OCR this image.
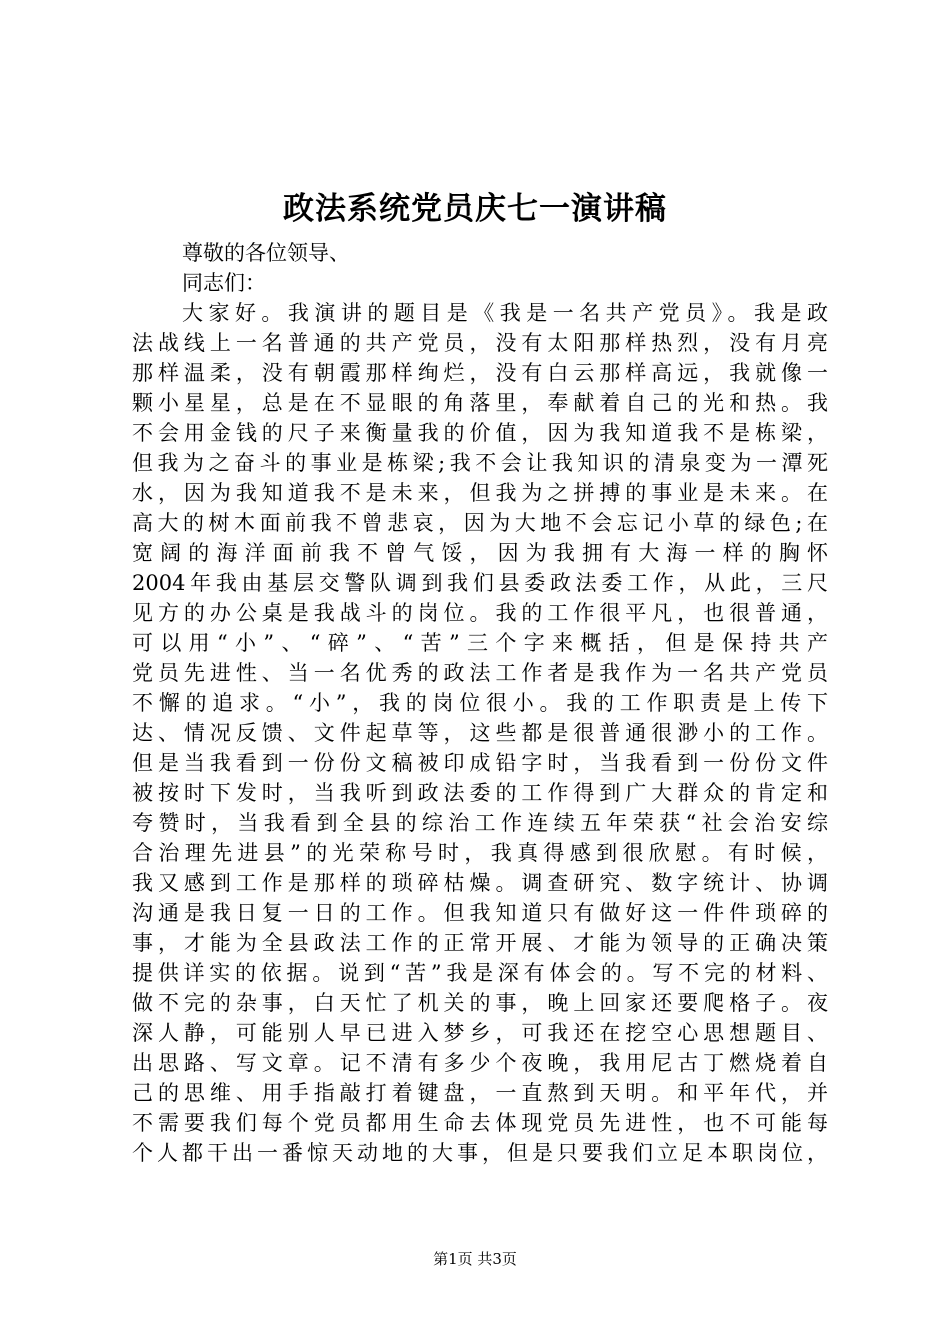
政法系统党员庆七一演讲稿
尊敬的各位领导、
同志们：
大家好。我演讲的题目是《我是一名共产党员》。我是政
法战线上一名普通的共产党员，没有太阳那样热烈，没有月亮
那样温柔，没有朝霞那样绚烂，没有白云那样高远，我就像一
颗小星星，总是在不显眼的角落里，奉献着自己的光和热。我
不会用金钱的尺子来衡量我的价值，因为我知道我不是栋梁，
但我为之奋斗的事业是栋梁;我不会让我知识的清泉变为一潭死
水，因为我知道我不是未来，但我为之拼搏的事业是未来。在
高大的树木面前我不曾悲哀，因为大地不会忘记小草的绿色;在
宽阔的海洋面前我不曾气馁，因为我拥有大海一样的胸怀
2004年我由基层交警队调到我们县委政法委工作，从此，三尺
见方的办公桌是我战斗的岗位。我的工作很平凡，也很普通，
可以用“小”、“碎”、“苦”三个字来概括，但是保持共产
党员先进性、当一名优秀的政法工作者是我作为一名共产党员
不懈的追求。“小”，我的岗位很小。我的工作职责是上传下
达、情况反馈、文件起草等，这些都是很普通很渺小的工作。
但是当我看到一份份文稿被印成铅字时，当我看到一份份文件
被按时下发时，当我听到政法委的工作得到广大群众的肯定和
夸赞时，当我看到全县的综治工作连续五年荣获“社会治安综
合治理先进县”的光荣称号时，我真得感到很欣慰。有时候，
我又感到工作是那样的琐碎枯燥。调查研究、数字统计、协调
沟通是我日复一日的工作。但我知道只有做好这一件件琐碎的
事，才能为全县政法工作的正常开展、才能为领导的正确决策
提供详实的依据。说到“苦”我是深有体会的。写不完的材料、
做不完的杂事，白天忙了机关的事，晚上回家还要爬格子。夜
深人静，可能别人早已进入梦乡，可我还在挖空心思想题目、
出思路、写文章。记不清有多少个夜晚，我用尼古丁燃烧着自
己的思维、用手指敲打着键盘，一直熬到天明。和平年代，并
不需要我们每个党员都用生命去体现党员先进性，也不可能每
个人都干出一番惊天动地的大事，但是只要我们立足本职岗位，
第1页 共3页
